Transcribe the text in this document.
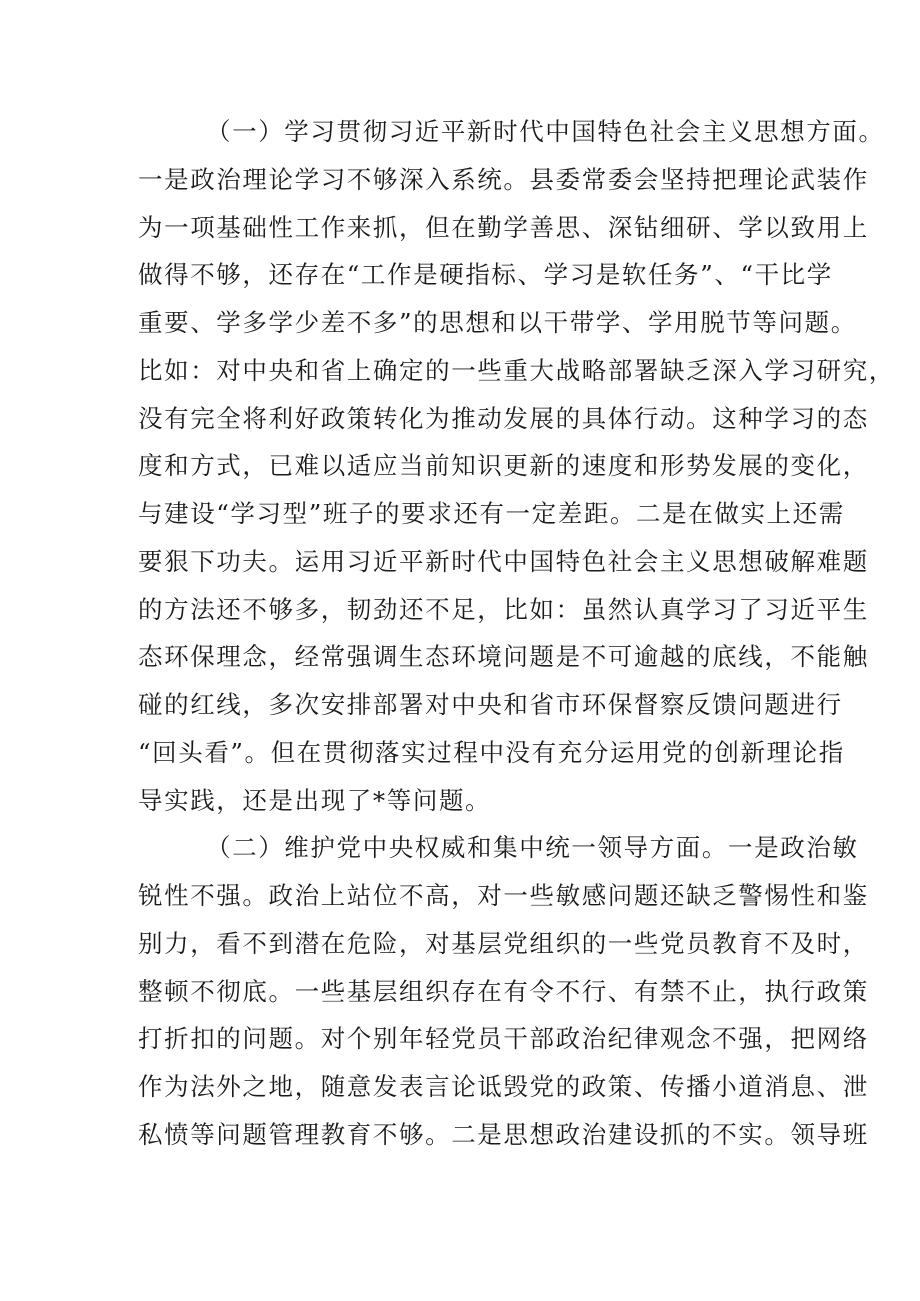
（一）学习贯彻习近平新时代中国特色社会主义思想方面。
一是政治理论学习不够深入系统。县委常委会坚持把理论武装作
为一项基础性工作来抓，但在勤学善思、深钻细研、学以致用上
做得不够，还存在“工作是硬指标、学习是软任务”、“干比学
重要、学多学少差不多”的思想和以干带学、学用脱节等问题。
比如：对中央和省上确定的一些重大战略部署缺乏深入学习研究，
没有完全将利好政策转化为推动发展的具体行动。这种学习的态
度和方式，已难以适应当前知识更新的速度和形势发展的变化，
与建设“学习型”班子的要求还有一定差距。二是在做实上还需
要狠下功夫。运用习近平新时代中国特色社会主义思想破解难题
的方法还不够多，韧劲还不足，比如：虽然认真学习了习近平生
态环保理念，经常强调生态环境问题是不可逾越的底线，不能触
碰的红线，多次安排部署对中央和省市环保督察反馈问题进行
“回头看”。但在贯彻落实过程中没有充分运用党的创新理论指
导实践，还是出现了*等问题。
（二）维护党中央权威和集中统一领导方面。一是政治敏
锐性不强。政治上站位不高，对一些敏感问题还缺乏警惕性和鉴
别力，看不到潜在危险，对基层党组织的一些党员教育不及时，
整顿不彻底。一些基层组织存在有令不行、有禁不止，执行政策
打折扣的问题。对个别年轻党员干部政治纪律观念不强，把网络
作为法外之地，随意发表言论诋毁党的政策、传播小道消息、泄
私愤等问题管理教育不够。二是思想政治建设抓的不实。领导班
